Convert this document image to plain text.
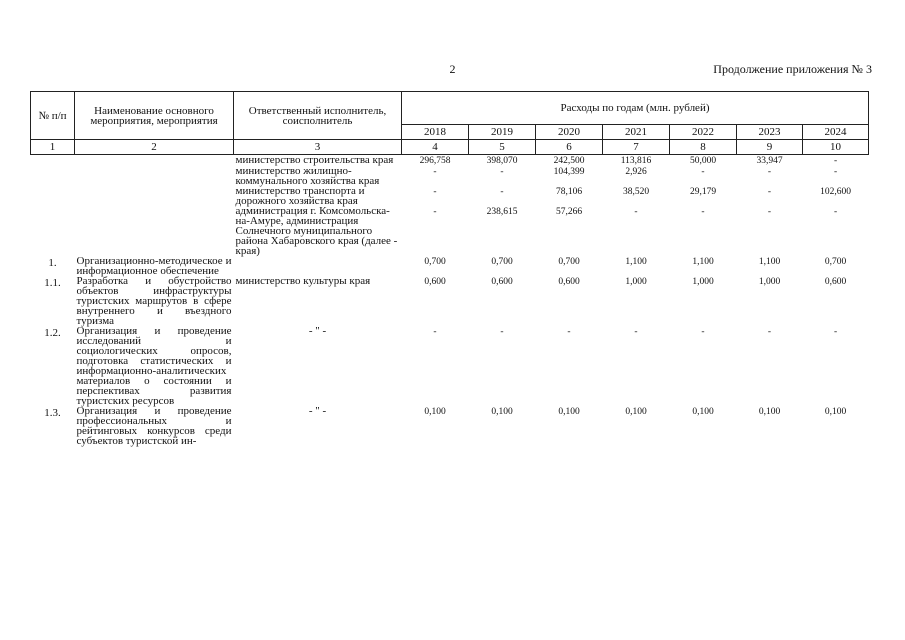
2	Продолжение приложения № 3
№ п/п	Наименование основного мероприятия, мероприятия	Ответственный исполнитель, соисполнитель	Расходы по годам (млн. рублей)						
			2018	2019	2020	2021	2022	2023	2024
1	2	3	4	5	6	7	8	9	10
		министерство строительства края	296,758	398,070	242,500	113,816	50,000	33,947	-
		министерство жилищно-коммунального хозяйства края	-	-	104,399	2,926	-	-	-
		министерство транспорта и дорожного хозяйства края	-	-	78,106	38,520	29,179	-	102,600
		администрация г. Комсомольска-на-Амуре, администрация Солнечного муниципального района Хабаровского края (далее - края)	-	238,615	57,266	-	-	-	-
1.	Организационно-методическое и информационное обеспечение		0,700	0,700	0,700	1,100	1,100	1,100	0,700
1.1.	Разработка и обустройство объектов инфраструктуры туристских маршрутов в сфере внутреннего и въездного туризма	министерство культуры края	0,600	0,600	0,600	1,000	1,000	1,000	0,600
1.2.	Организация и проведение исследований и социологических опросов, подготовка статистических и информационно-аналитических материалов о состоянии и перспективах развития туристских ресурсов	- " -	-	-	-	-	-	-	-
1.3.	Организация и проведение профессиональных и рейтинговых конкурсов среди субъектов туристской ин-	- " -	0,100	0,100	0,100	0,100	0,100	0,100	0,100
